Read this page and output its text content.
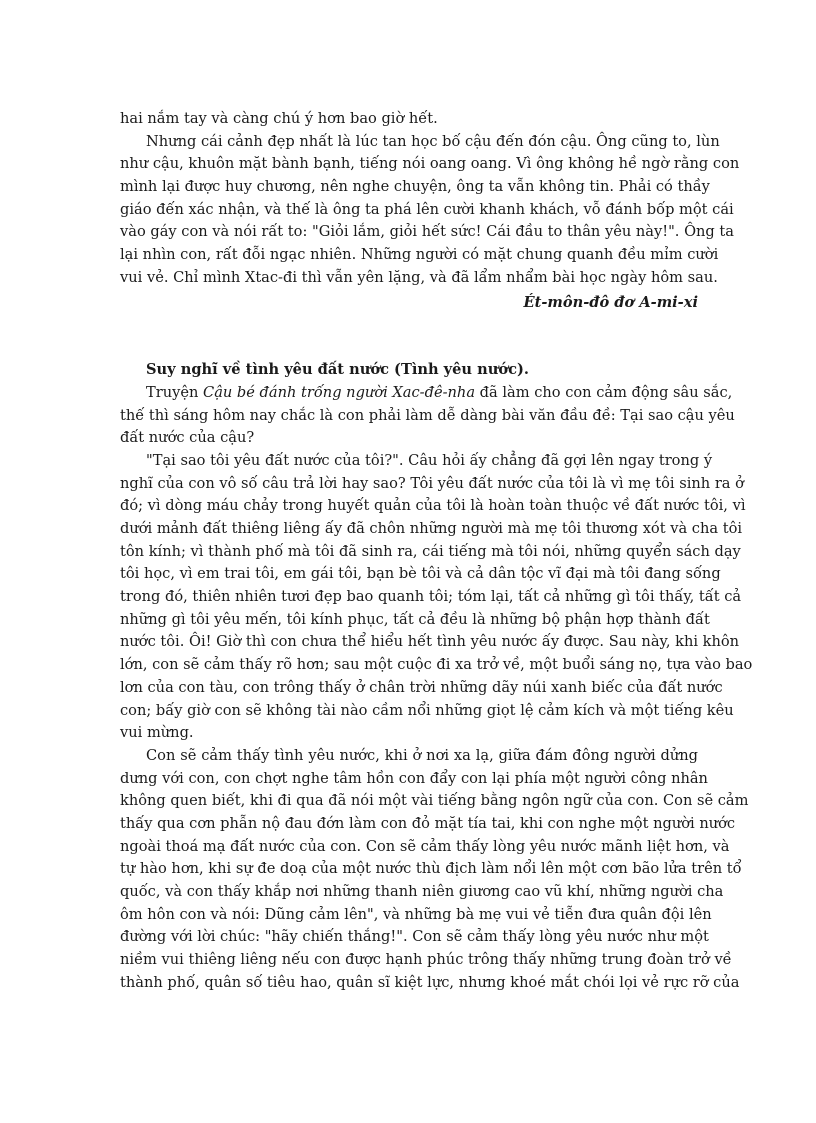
hai nắm tay và càng chú ý hơn bao giờ hết.
Nhưng cái cảnh đẹp nhất là lúc tan học bố cậu đến đón cậu. Ông cũng to, lùn
như cậu, khuôn mặt bành bạnh, tiếng nói oang oang. Vì ông không hề ngờ rằng con
mình lại được huy chương, nên nghe chuyện, ông ta vẫn không tin. Phải có thầy
giáo đến xác nhận, và thế là ông ta phá lên cười khanh khách, vỗ đánh bốp một cái
vào gáy con và nói rất to: "Giỏi lắm, giỏi hết sức! Cái đầu to thân yêu này!". Ông ta
lại nhìn con, rất đỗi ngạc nhiên. Những người có mặt chung quanh đều mỉm cười
vui vẻ. Chỉ mình Xtac-đi thì vẫn yên lặng, và đã lẩm nhẩm bài học ngày hôm sau.
Ét-môn-đô đơ A-mi-xi
Suy nghĩ về tình yêu đất nước (Tình yêu nước).
Truyện Cậu bé đánh trống người Xac-đê-nha đã làm cho con cảm động sâu sắc,
thế thì sáng hôm nay chắc là con phải làm dễ dàng bài văn đầu đề: Tại sao cậu yêu
đất nước của cậu?
"Tại sao tôi yêu đất nước của tôi?". Câu hỏi ấy chẳng đã gợi lên ngay trong ý
nghĩ của con vô số câu trả lời hay sao? Tôi yêu đất nước của tôi là vì mẹ tôi sinh ra ở
đó; vì dòng máu chảy trong huyết quản của tôi là hoàn toàn thuộc về đất nước tôi, vì
dưới mảnh đất thiêng liêng ấy đã chôn những người mà mẹ tôi thương xót và cha tôi
tôn kính; vì thành phố mà tôi đã sinh ra, cái tiếng mà tôi nói, những quyển sách dạy
tôi học, vì em trai tôi, em gái tôi, bạn bè tôi và cả dân tộc vĩ đại mà tôi đang sống
trong đó, thiên nhiên tươi đẹp bao quanh tôi; tóm lại, tất cả những gì tôi thấy, tất cả
những gì tôi yêu mến, tôi kính phục, tất cả đều là những bộ phận hợp thành đất
nước tôi. Ôi! Giờ thì con chưa thể hiểu hết tình yêu nước ấy được. Sau này, khi khôn
lớn, con sẽ cảm thấy rõ hơn; sau một cuộc đi xa trở về, một buổi sáng nọ, tựa vào bao
lơn của con tàu, con trông thấy ở chân trời những dãy núi xanh biếc của đất nước
con; bấy giờ con sẽ không tài nào cầm nổi những giọt lệ cảm kích và một tiếng kêu
vui mừng.
Con sẽ cảm thấy tình yêu nước, khi ở nơi xa lạ, giữa đám đông người dửng
dưng với con, con chợt nghe tâm hồn con đẩy con lại phía một người công nhân
không quen biết, khi đi qua đã nói một vài tiếng bằng ngôn ngữ của con. Con sẽ cảm
thấy qua cơn phẫn nộ đau đớn làm con đỏ mặt tía tai, khi con nghe một người nước
ngoài thoá mạ đất nước của con. Con sẽ cảm thấy lòng yêu nước mãnh liệt hơn, và
tự hào hơn, khi sự đe doạ của một nước thù địch làm nổi lên một cơn bão lửa trên tổ
quốc, và con thấy khắp nơi những thanh niên giương cao vũ khí, những người cha
ôm hôn con và nói: Dũng cảm lên", và những bà mẹ vui vẻ tiễn đưa quân đội lên
đường với lời chúc: "hãy chiến thắng!". Con sẽ cảm thấy lòng yêu nước như một
niềm vui thiêng liêng nếu con được hạnh phúc trông thấy những trung đoàn trở về
thành phố, quân số tiêu hao, quân sĩ kiệt lực, nhưng khoé mắt chói lọi vẻ rực rỡ của
